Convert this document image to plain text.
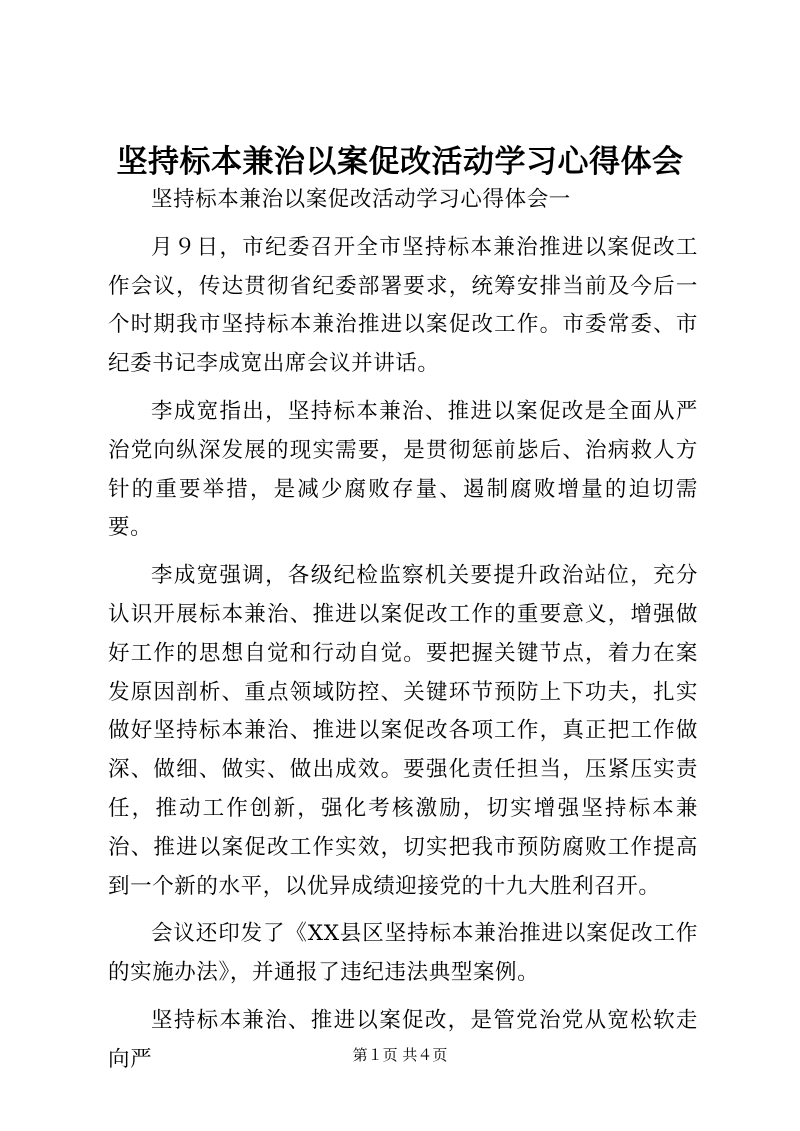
坚持标本兼治以案促改活动学习心得体会

坚持标本兼治以案促改活动学习心得体会一

月９日，市纪委召开全市坚持标本兼治推进以案促改工作会议，传达贯彻省纪委部署要求，统筹安排当前及今后一个时期我市坚持标本兼治推进以案促改工作。市委常委、市纪委书记李成宽出席会议并讲话。

李成宽指出，坚持标本兼治、推进以案促改是全面从严治党向纵深发展的现实需要，是贯彻惩前毖后、治病救人方针的重要举措，是减少腐败存量、遏制腐败增量的迫切需要。

李成宽强调，各级纪检监察机关要提升政治站位，充分认识开展标本兼治、推进以案促改工作的重要意义，增强做好工作的思想自觉和行动自觉。要把握关键节点，着力在案发原因剖析、重点领域防控、关键环节预防上下功夫，扎实做好坚持标本兼治、推进以案促改各项工作，真正把工作做深、做细、做实、做出成效。要强化责任担当，压紧压实责任，推动工作创新，强化考核激励，切实增强坚持标本兼治、推进以案促改工作实效，切实把我市预防腐败工作提高到一个新的水平，以优异成绩迎接党的十九大胜利召开。

会议还印发了《XX县区坚持标本兼治推进以案促改工作的实施办法》，并通报了违纪违法典型案例。

坚持标本兼治、推进以案促改，是管党治党从宽松软走向严	第１页 共４页
